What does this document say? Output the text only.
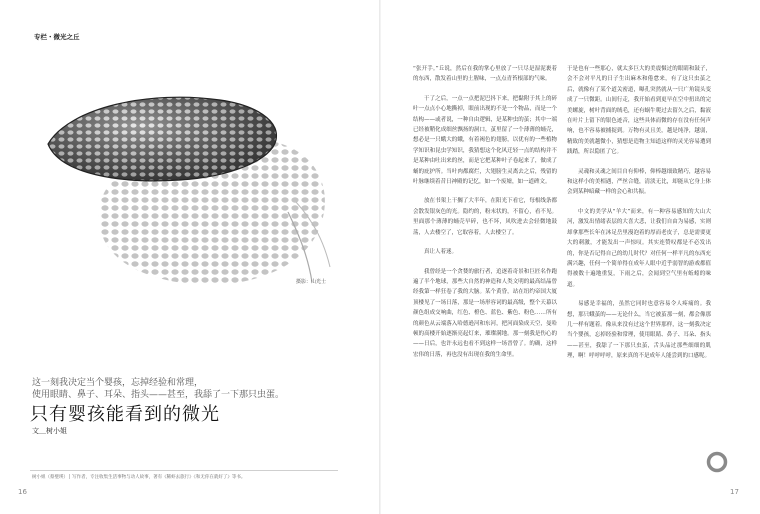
专栏・微光之丘
摄影：山光士
这一刻我决定当个婴孩，忘掉经验和常理，
使用眼睛、鼻子、耳朵、指头——甚至，我舔了一下那只虫蛋。
只有婴孩能看到的微光
文＿树小姐
树小姐（蔡璧瑛）│ 写作者，专注收集生活事物与动人故事，著有《稀虾去旅行》《和无你在就好了》等书。
16

“张开手。”丘说，然后在我的掌心里放了一只尽是湿泥裹着的东西，散发着山里的土腥味，一点点青苔根部的气味。

干了之后，一点一点把泥巴抖下来，把黏附于其上的碎叶一点点小心地撕掉，眼前出现的不是一个物品，而是一个结构——或者说，一种自由逻辑，是某种虫的茧；其中一端已经被鞘化成细丝飘扬的洞口，茧里留了一个薄薄的蛹壳，想必是一只蛾大的蛾，有着褐色的翅膀，以优有的一些植物学知识和昆虫学知识，我猜想这个化风迁轻一点的结构并不是某种由吐出来的丝，而是它把某种叶子卷起来了，做成了蛹的庇护所。当叶肉都腐烂，大翅膀生灵离去之后，残留的叶脉继续着昔日神殿的记忆，如一个废墟，如一道碑文。

放在书架上干搁了大半年，在阳光下看它，每根线条都会散发银灰色的光。隐约的，粉末状的，不留心，看不见。里面那个薄薄的蛹壳早碎，也不坏，风吹进去会轻微地鼓荡，人去楼空了，它取容着，人去楼空了。

真让人着迷。

我曾经是一个贪婪的旅行者，追逐着奇景和巨匠名作跑遍了半个地球，那些大自然的神造和人类文明的最高结晶曾经我第一样狂卷了我的大脑。某个黄昏，站在纽约帝国大厦顶楼见了一场日落，那是一场形容词的最高级，整个天幕以颜色组成交响曲，红色、橙色、蓝色、紫色、粉色……所有的颜色从云端落入哈德逊河和东河，把河面染成天空，曼哈顿的高楼开始逐渐亮起灯来，璀璨满地。那一刻我是伤心的——日后，也许永远也看不到这样一场晋曾了。的确，这样宏伟的日落，再也没有出现在我的生命里。

于是也有一些那心，就太多巨大的美震慑过的眼睛和鼓子，会不会对平凡的日子生出麻木和倦怠来，有了这只虫茧之后，就像有了某个道关密道，曝孔突然就从一只广角镜头变成了一只微距。山间行走，我开始看到更早在空中扭出的完美螺旋，树叶背面的绒毛，还有蜗牛爬过去留久之后，黏液在叶片上留下的银色迹音，这些具体而微的存在没有任何声响，也不容易被捕捉到。万物有灵且美，越是纯净，越弱，精致的美就越微小，猜想是造物主知道这样的灵光容易遭到践踏，所以隐匿了它。

灵魂和灵魂之间目自有仰棒，仰棒越细致精巧，越容易和这样小的美相遇，严丝合缝，清淡无比，却能从它身上体会到某种暗藏一样的会心和共振。

中文的美学从“羊大”而来，有一种容易感知的大山大河，激发出情绪表层的大喜大悲，让我们自由为易感，实则却拿那些长年在沐足岳里漫泡着的厚而老皮子，总是需要更大的刺激，才能发出一声惊叹。其实连赞叹都是不必发出的，你是否记得自己的幼儿时代？对任何一样平凡的东西充满兴趣，任何一个简单得在成年人眼中近乎弱智的游戏都值得被数十遍地重复，下雨之后，会闻到空气里有蚯蚓的味道。

易感是幸福的，虽然它同时也意容易令人疼痛的。我想，那只蛾茧的——无论什么，当它被茧那一刻，都会像那几一样有题着。像从来没有过这个世界那样，这一刻我决定当个婴孩，忘掉经验和常理，使用眼睛、鼻子、耳朵、指头——甚至，我舔了一下那只虫茧，舌头品过那些细细的肌理，啊！呼呼呼呼，原来真的不是成年人能尝到的口感呢。

17
